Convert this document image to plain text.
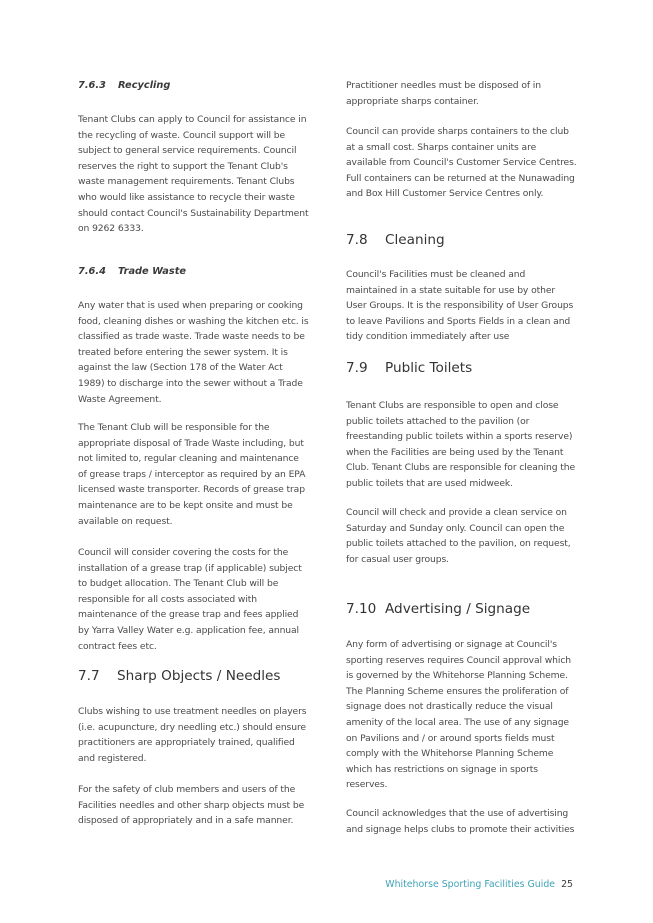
7.6.3 Recycling

Tenant Clubs can apply to Council for assistance in the recycling of waste. Council support will be subject to general service requirements. Council reserves the right to support the Tenant Club's waste management requirements. Tenant Clubs who would like assistance to recycle their waste should contact Council's Sustainability Department on 9262 6333.

7.6.4 Trade Waste

Any water that is used when preparing or cooking food, cleaning dishes or washing the kitchen etc. is classified as trade waste. Trade waste needs to be treated before entering the sewer system. It is against the law (Section 178 of the Water Act 1989) to discharge into the sewer without a Trade Waste Agreement.

The Tenant Club will be responsible for the appropriate disposal of Trade Waste including, but not limited to, regular cleaning and maintenance of grease traps / interceptor as required by an EPA licensed waste transporter. Records of grease trap maintenance are to be kept onsite and must be available on request.

Council will consider covering the costs for the installation of a grease trap (if applicable) subject to budget allocation. The Tenant Club will be responsible for all costs associated with maintenance of the grease trap and fees applied by Yarra Valley Water e.g. application fee, annual contract fees etc.

7.7 Sharp Objects / Needles

Clubs wishing to use treatment needles on players (i.e. acupuncture, dry needling etc.) should ensure practitioners are appropriately trained, qualified and registered.

For the safety of club members and users of the Facilities needles and other sharp objects must be disposed of appropriately and in a safe manner.

Practitioner needles must be disposed of in appropriate sharps container.

Council can provide sharps containers to the club at a small cost. Sharps container units are available from Council's Customer Service Centres. Full containers can be returned at the Nunawading and Box Hill Customer Service Centres only.

7.8 Cleaning

Council's Facilities must be cleaned and maintained in a state suitable for use by other User Groups. It is the responsibility of User Groups to leave Pavilions and Sports Fields in a clean and tidy condition immediately after use

7.9 Public Toilets

Tenant Clubs are responsible to open and close public toilets attached to the pavilion (or freestanding public toilets within a sports reserve) when the Facilities are being used by the Tenant Club. Tenant Clubs are responsible for cleaning the public toilets that are used midweek.

Council will check and provide a clean service on Saturday and Sunday only. Council can open the public toilets attached to the pavilion, on request, for casual user groups.

7.10 Advertising / Signage

Any form of advertising or signage at Council's sporting reserves requires Council approval which is governed by the Whitehorse Planning Scheme. The Planning Scheme ensures the proliferation of signage does not drastically reduce the visual amenity of the local area. The use of any signage on Pavilions and / or around sports fields must comply with the Whitehorse Planning Scheme which has restrictions on signage in sports reserves.

Council acknowledges that the use of advertising and signage helps clubs to promote their activities

Whitehorse Sporting Facilities Guide 25
